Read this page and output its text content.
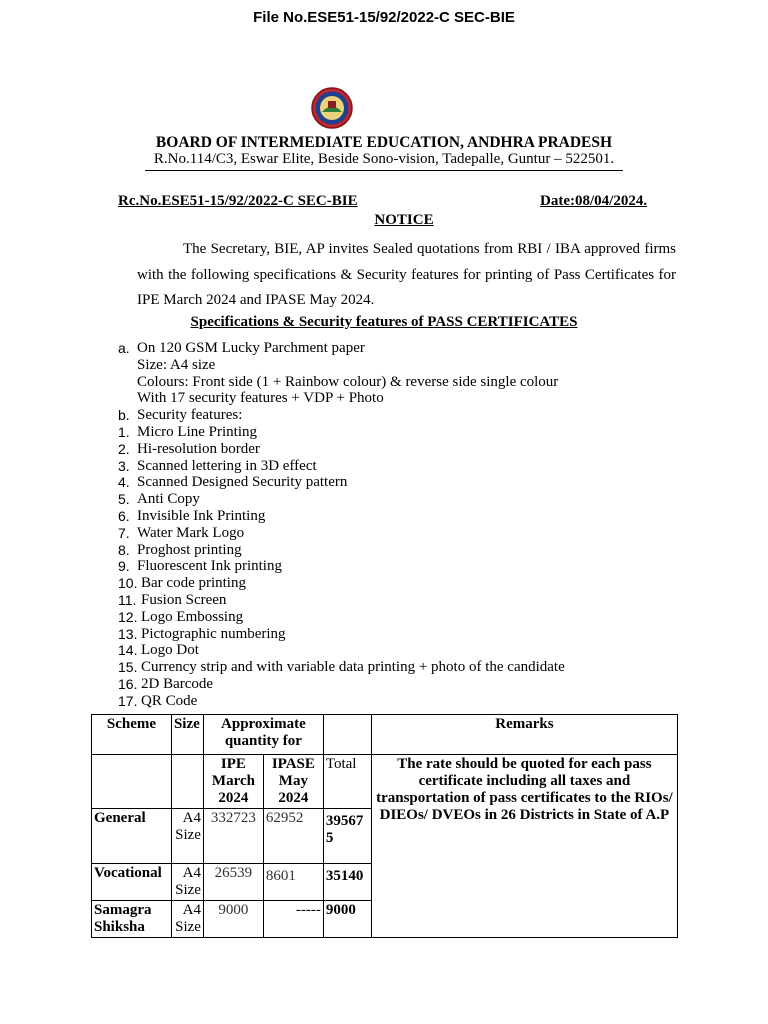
File No.ESE51-15/92/2022-C SEC-BIE
BOARD OF INTERMEDIATE EDUCATION, ANDHRA PRADESH
R.No.114/C3, Eswar Elite, Beside Sono-vision, Tadepalle, Guntur – 522501.
Rc.No.ESE51-15/92/2022-C SEC-BIE	Date:08/04/2024.
NOTICE
The Secretary, BIE, AP invites Sealed quotations from RBI / IBA approved firms with the following specifications & Security features for printing of Pass Certificates for IPE March 2024 and IPASE May 2024.
Specifications & Security features of PASS CERTIFICATES
a. On 120 GSM Lucky Parchment paper
Size: A4 size
Colours: Front side (1 + Rainbow colour) & reverse side single colour
With 17 security features + VDP + Photo
b. Security features:
1. Micro Line Printing
2. Hi-resolution border
3. Scanned lettering in 3D effect
4. Scanned Designed Security pattern
5. Anti Copy
6. Invisible Ink Printing
7. Water Mark Logo
8. Proghost printing
9. Fluorescent Ink printing
10. Bar code printing
11. Fusion Screen
12. Logo Embossing
13. Pictographic numbering
14. Logo Dot
15. Currency strip and with variable data printing + photo of the candidate
16. 2D Barcode
17. QR Code
Scheme	Size	Approximate quantity for			Remarks
		IPE March 2024	IPASE May 2024	Total	The rate should be quoted for each pass certificate including all taxes and transportation of pass certificates to the RIOs/ DIEOs/ DVEOs in 26 Districts in State of A.P
General	A4 Size	332723	62952	395675	
Vocational	A4 Size	26539	8601	35140	
Samagra Shiksha	A4 Size	9000	-----	9000
